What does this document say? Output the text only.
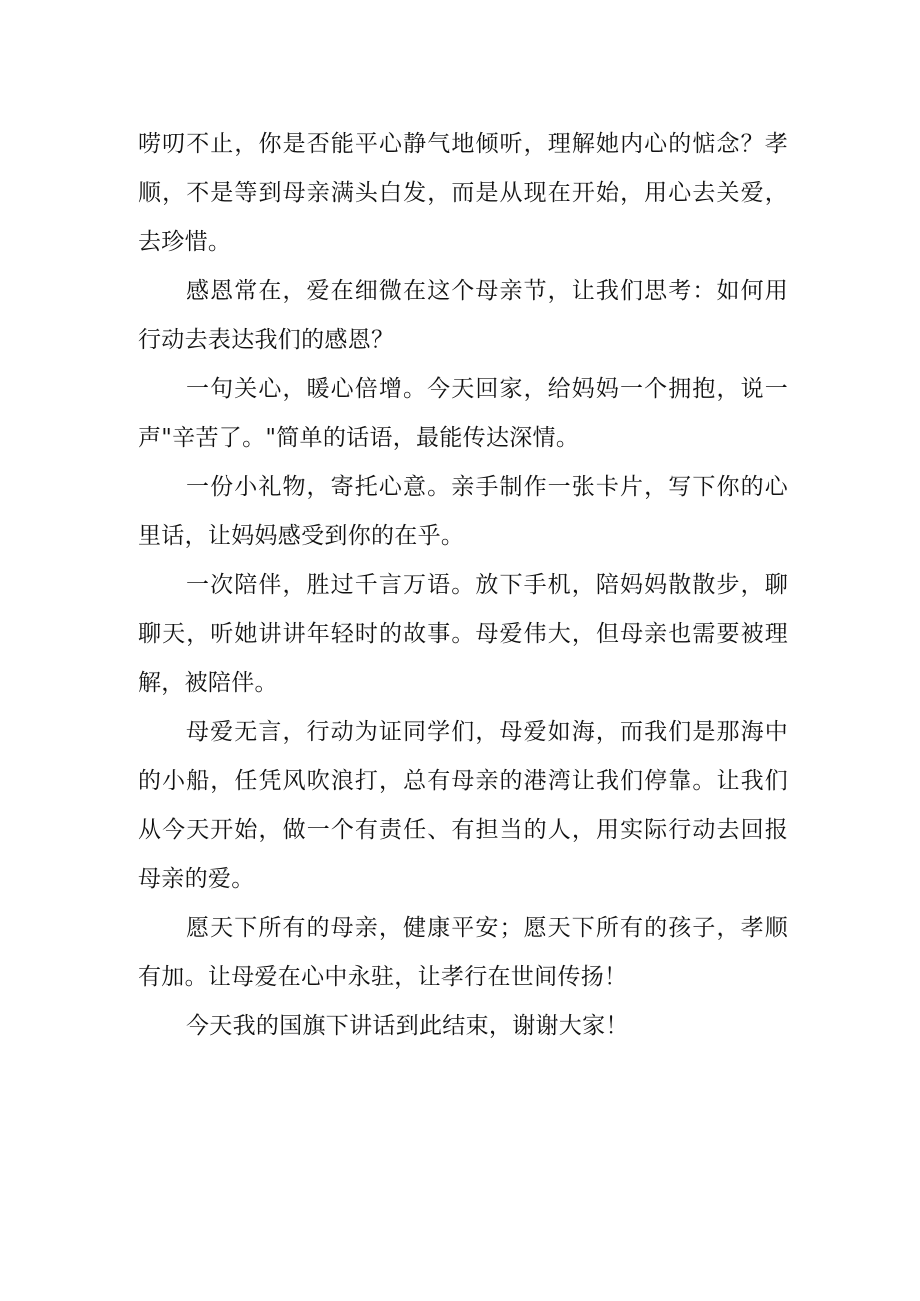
唠叨不止，你是否能平心静气地倾听，理解她内心的惦念？孝顺，不是等到母亲满头白发，而是从现在开始，用心去关爱，去珍惜。

感恩常在，爱在细微在这个母亲节，让我们思考：如何用行动去表达我们的感恩？

一句关心，暖心倍增。今天回家，给妈妈一个拥抱，说一声"辛苦了。"简单的话语，最能传达深情。

一份小礼物，寄托心意。亲手制作一张卡片，写下你的心里话，让妈妈感受到你的在乎。

一次陪伴，胜过千言万语。放下手机，陪妈妈散散步，聊聊天，听她讲讲年轻时的故事。母爱伟大，但母亲也需要被理解，被陪伴。

母爱无言，行动为证同学们，母爱如海，而我们是那海中的小船，任凭风吹浪打，总有母亲的港湾让我们停靠。让我们从今天开始，做一个有责任、有担当的人，用实际行动去回报母亲的爱。

愿天下所有的母亲，健康平安；愿天下所有的孩子，孝顺有加。让母爱在心中永驻，让孝行在世间传扬！

今天我的国旗下讲话到此结束，谢谢大家！
